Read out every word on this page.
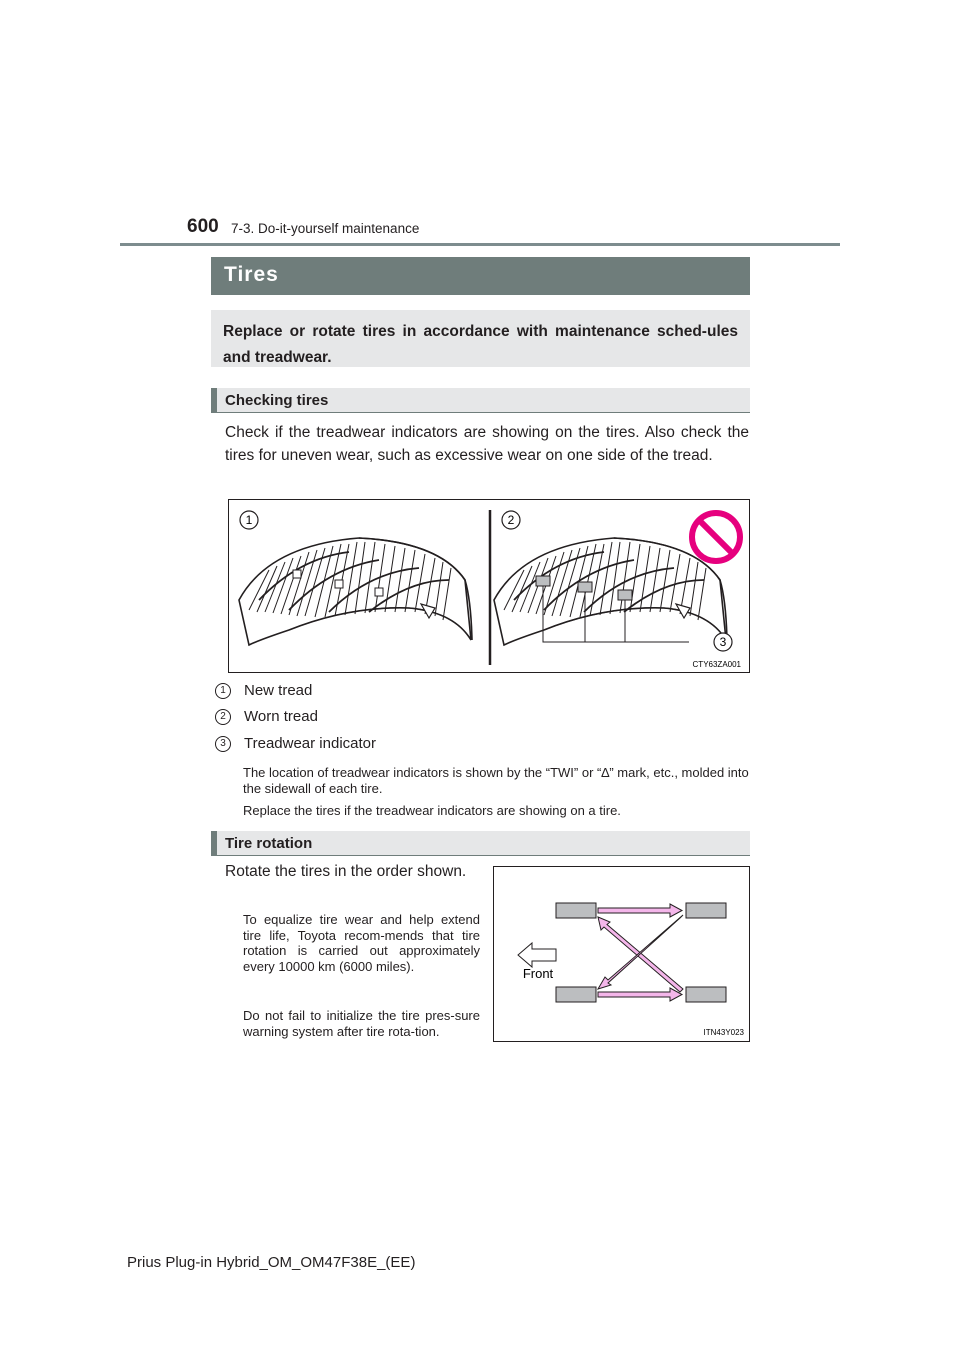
600 7-3. Do-it-yourself maintenance
Tires
Replace or rotate tires in accordance with maintenance sched-ules and treadwear.
Checking tires
Check if the treadwear indicators are showing on the tires. Also check the tires for uneven wear, such as excessive wear on one side of the tread.
1	2
3
CTY63ZA001
1 New tread
2 Worn tread
3 Treadwear indicator
The location of treadwear indicators is shown by the “TWI” or “∆” mark, etc., molded into the sidewall of each tire.
Replace the tires if the treadwear indicators are showing on a tire.
Tire rotation
Rotate the tires in the order shown.
To equalize tire wear and help extend tire life, Toyota recom-mends that tire rotation is carried out approximately every 10000 km (6000 miles).
Do not fail to initialize the tire pres-sure warning system after tire rota-tion.
Front
ITN43Y023
Prius Plug-in Hybrid_OM_OM47F38E_(EE)
